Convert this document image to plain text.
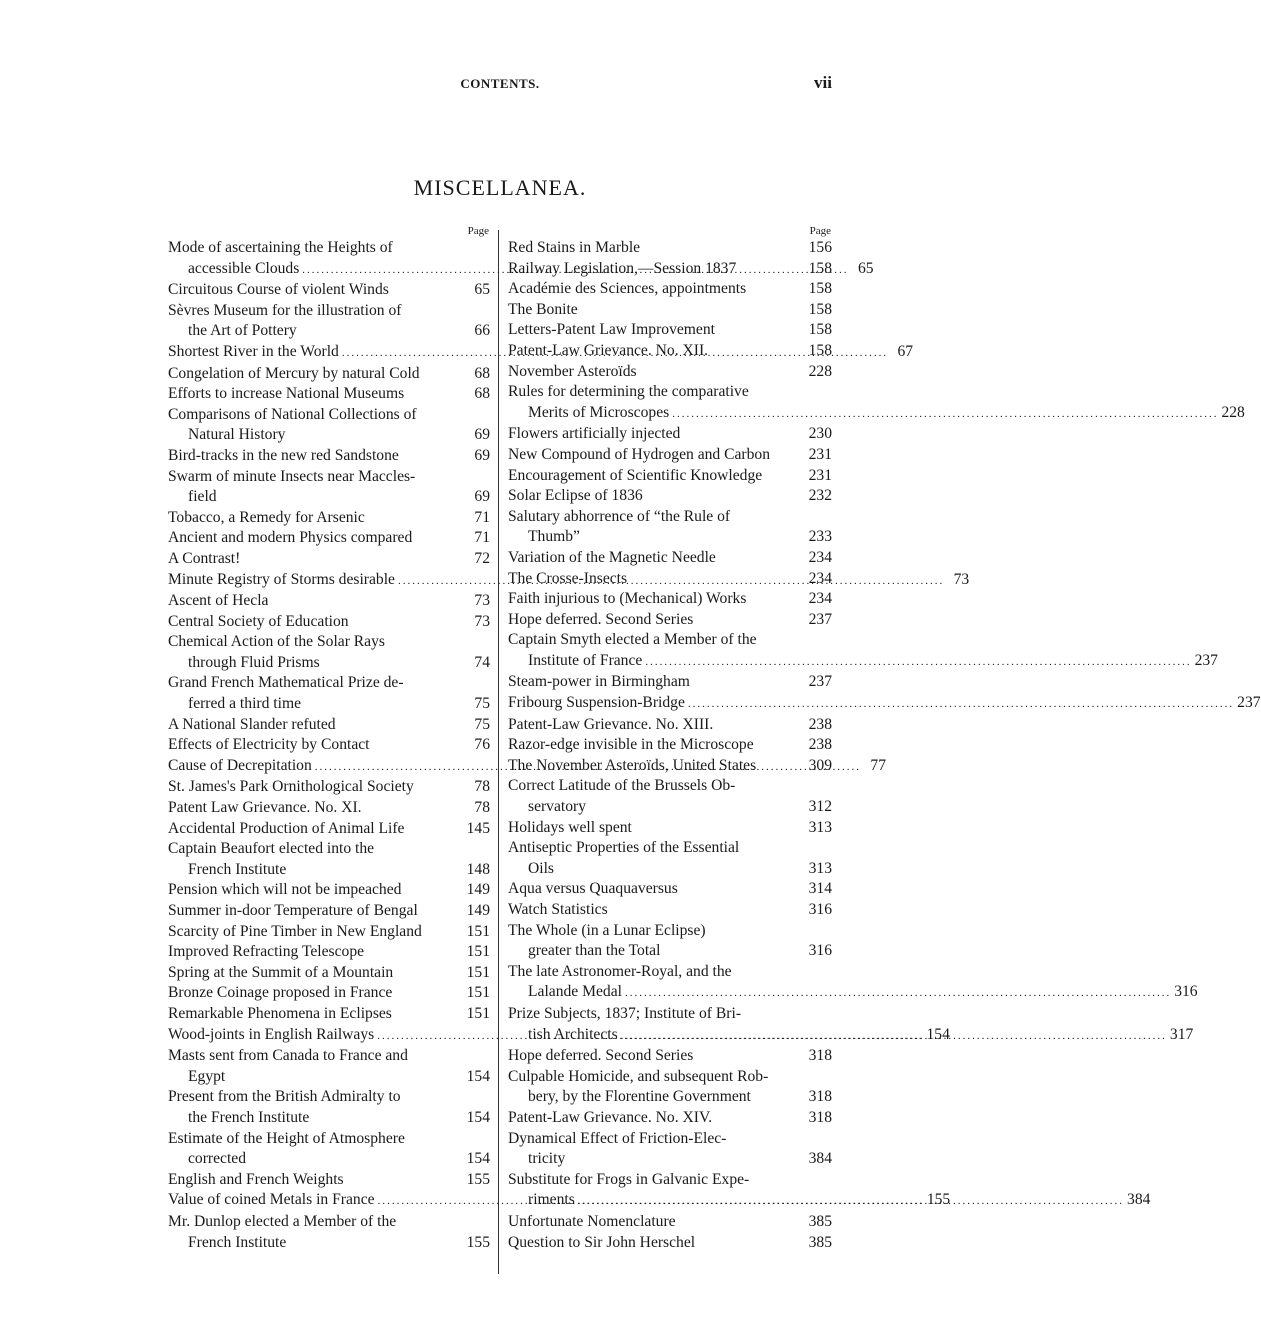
CONTENTS.	vii
MISCELLANEA.
Page
Mode of ascertaining the Heights of
accessible Clouds .....	65
Circuitous Course of violent Winds	65
Sèvres Museum for the illustration of
the Art of Pottery	66
Shortest River in the World .....	67
Congelation of Mercury by natural Cold	68
Efforts to increase National Museums	68
Comparisons of National Collections of
Natural History	69
Bird-tracks in the new red Sandstone	69
Swarm of minute Insects near Maccles-
field	69
Tobacco, a Remedy for Arsenic	71
Ancient and modern Physics compared	71
A Contrast!	72
Minute Registry of Storms desirable .....	73
Ascent of Hecla	73
Central Society of Education	73
Chemical Action of the Solar Rays
through Fluid Prisms	74
Grand French Mathematical Prize de-
ferred a third time	75
A National Slander refuted	75
Effects of Electricity by Contact	76
Cause of Decrepitation .....	77
St. James's Park Ornithological Society	78
Patent Law Grievance. No. XI.	78
Accidental Production of Animal Life	145
Captain Beaufort elected into the
French Institute	148
Pension which will not be impeached	149
Summer in-door Temperature of Bengal	149
Scarcity of Pine Timber in New England	151
Improved Refracting Telescope	151
Spring at the Summit of a Mountain	151
Bronze Coinage proposed in France	151
Remarkable Phenomena in Eclipses	151
Wood-joints in English Railways .....	154
Masts sent from Canada to France and
Egypt	154
Present from the British Admiralty to
the French Institute	154
Estimate of the Height of Atmosphere
corrected	154
English and French Weights	155
Value of coined Metals in France .....	155
Mr. Dunlop elected a Member of the
French Institute	155
Page
Red Stains in Marble	156
Railway Legislation,—Session 1837	158
Académie des Sciences, appointments	158
The Bonite	158
Letters-Patent Law Improvement	158
Patent-Law Grievance. No. XII.	158
November Asteroïds	228
Rules for determining the comparative
Merits of Microscopes .....	228
Flowers artificially injected	230
New Compound of Hydrogen and Carbon 231
Encouragement of Scientific Knowledge	231
Solar Eclipse of 1836	232
Salutary abhorrence of “the Rule of
Thumb”	233
Variation of the Magnetic Needle	234
The Crosse-Insects	234
Faith injurious to (Mechanical) Works	234
Hope deferred. Second Series	237
Captain Smyth elected a Member of the
Institute of France .....	237
Steam-power in Birmingham	237
Fribourg Suspension-Bridge .....	237
Patent-Law Grievance. No. XIII.	238
Razor-edge invisible in the Microscope	238
The November Asteroïds, United States	309
Correct Latitude of the Brussels Ob-
servatory	312
Holidays well spent	313
Antiseptic Properties of the Essential
Oils	313
Aqua versus Quaquaversus	314
Watch Statistics	316
The Whole (in a Lunar Eclipse)
greater than the Total	316
The late Astronomer-Royal, and the
Lalande Medal .....	316
Prize Subjects, 1837; Institute of Bri-
tish Architects .....	317
Hope deferred. Second Series	318
Culpable Homicide, and subsequent Rob-
bery, by the Florentine Government	318
Patent-Law Grievance. No. XIV.	318
Dynamical Effect of Friction-Elec-
tricity	384
Substitute for Frogs in Galvanic Expe-
riments .....	384
Unfortunate Nomenclature	385
Question to Sir John Herschel	385
